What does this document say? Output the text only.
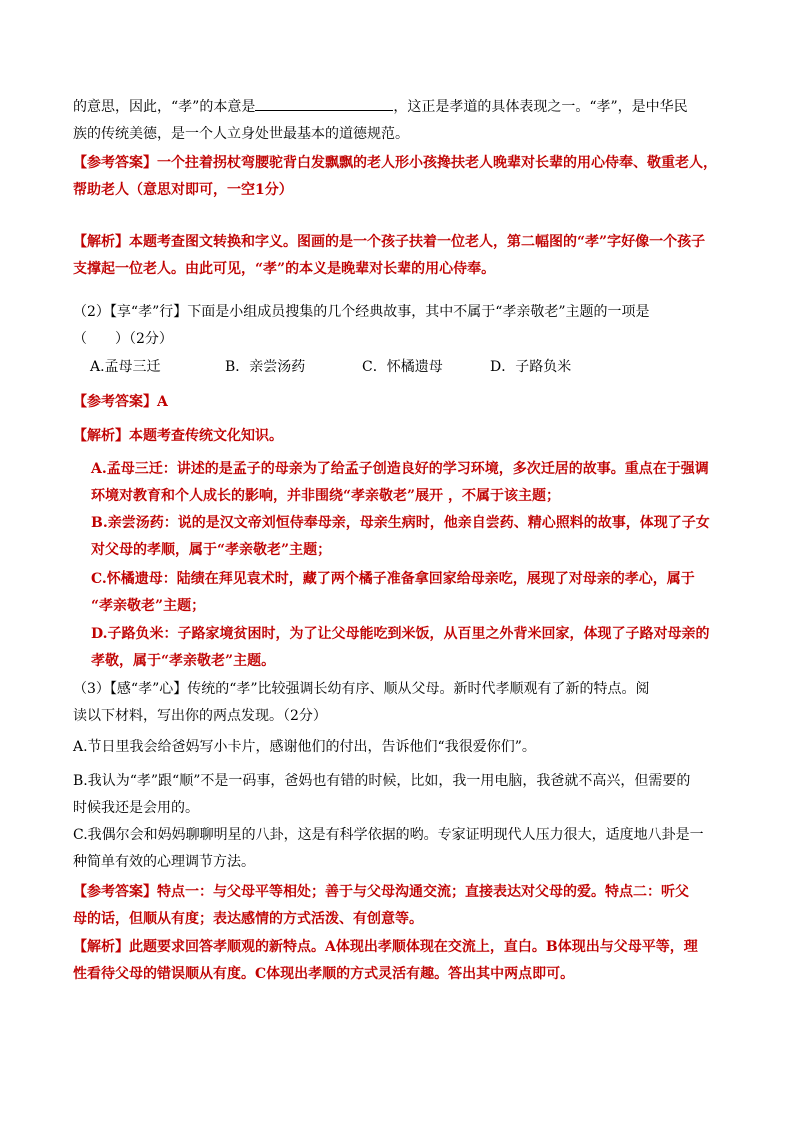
的意思，因此，“孝”的本意是	，这正是孝道的具体表现之一。“孝”，是中华民
族的传统美德，是一个人立身处世最基本的道德规范。

【参考答案】一个拄着拐杖弯腰驼背白发飘飘的老人形小孩搀扶老人晚辈对长辈的用心侍奉、敬重老人，
帮助老人（意思对即可，一空1分）

【解析】本题考查图文转换和字义。图画的是一个孩子扶着一位老人，第二幅图的“孝”字好像一个孩子
支撑起一位老人。由此可见，“孝”的本义是晚辈对长辈的用心侍奉。

（2）【享“孝”行】下面是小组成员搜集的几个经典故事，其中不属于“孝亲敬老”主题的一项是
（　　）（2分）

A.孟母三迁	B．亲尝汤药	C．怀橘遗母	D．子路负米

【参考答案】A

【解析】本题考查传统文化知识。

A.孟母三迁：讲述的是孟子的母亲为了给孟子创造良好的学习环境，多次迁居的故事。重点在于强调
环境对教育和个人成长的影响，并非围绕“孝亲敬老”展开 ，不属于该主题；

B.亲尝汤药：说的是汉文帝刘恒侍奉母亲，母亲生病时，他亲自尝药、精心照料的故事，体现了子女
对父母的孝顺，属于“孝亲敬老”主题；

C.怀橘遗母：陆绩在拜见袁术时，藏了两个橘子准备拿回家给母亲吃，展现了对母亲的孝心，属于
“孝亲敬老”主题；

D.子路负米：子路家境贫困时，为了让父母能吃到米饭，从百里之外背米回家，体现了子路对母亲的
孝敬，属于“孝亲敬老”主题。

（3）【感“孝”心】传统的“孝”比较强调长幼有序、顺从父母。新时代孝顺观有了新的特点。阅
读以下材料，写出你的两点发现。（2分）

A.节日里我会给爸妈写小卡片，感谢他们的付出，告诉他们“我很爱你们”。

B.我认为“孝”跟“顺”不是一码事，爸妈也有错的时候，比如，我一用电脑，我爸就不高兴，但需要的
时候我还是会用的。

C.我偶尔会和妈妈聊聊明星的八卦，这是有科学依据的哟。专家证明现代人压力很大，适度地八卦是一
种简单有效的心理调节方法。

【参考答案】特点一：与父母平等相处；善于与父母沟通交流；直接表达对父母的爱。特点二：听父
母的话，但顺从有度；表达感情的方式活泼、有创意等。

【解析】此题要求回答孝顺观的新特点。A体现出孝顺体现在交流上，直白。B体现出与父母平等，理
性看待父母的错误顺从有度。C体现出孝顺的方式灵活有趣。答出其中两点即可。
